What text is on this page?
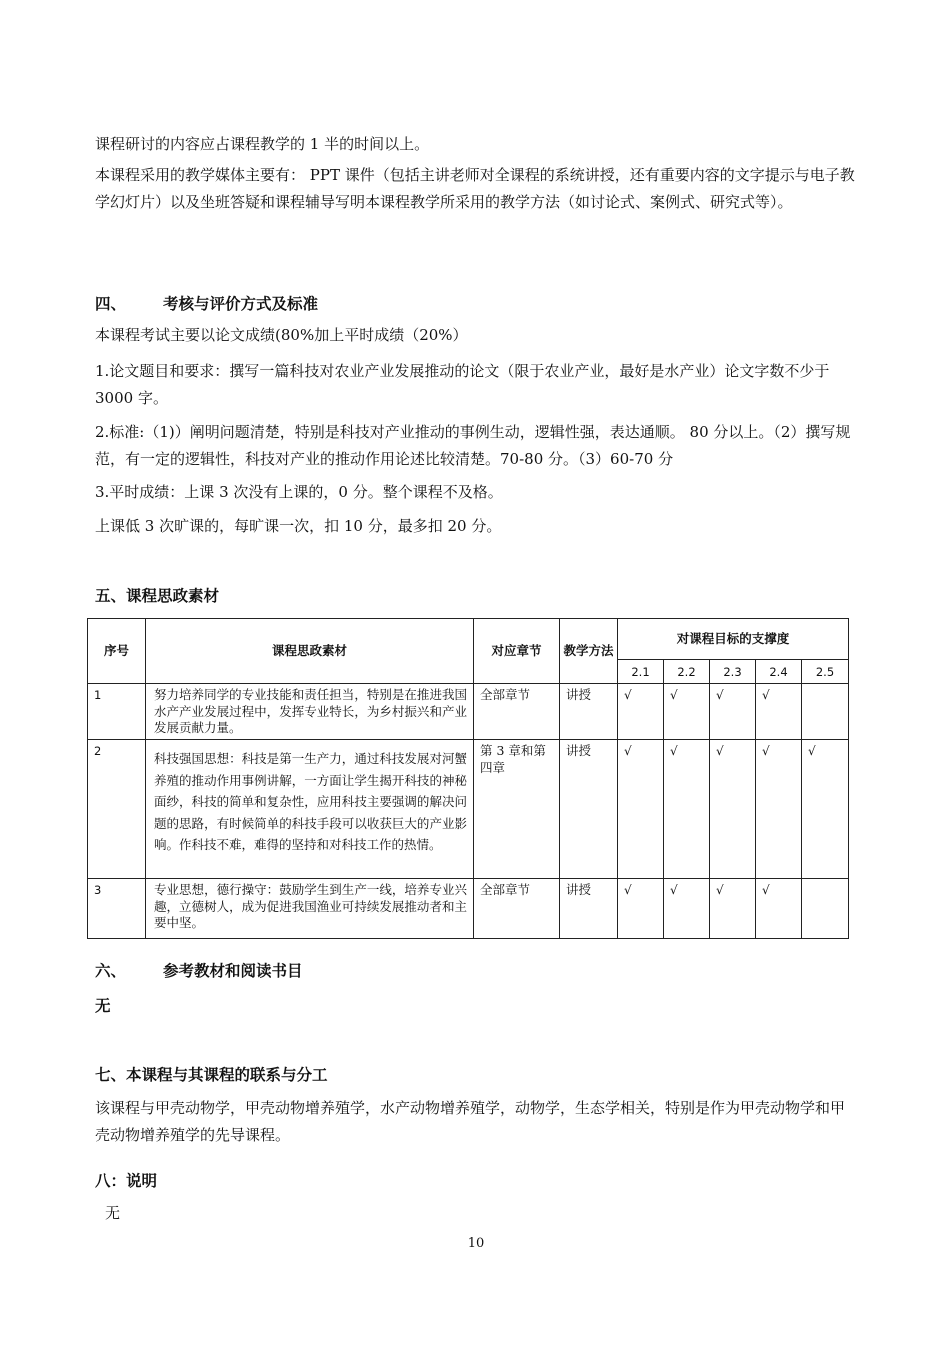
课程研讨的内容应占课程教学的 1 半的时间以上。

本课程采用的教学媒体主要有： PPT 课件（包括主讲老师对全课程的系统讲授，还有重要内容的文字提示与电子教学幻灯片）以及坐班答疑和课程辅导写明本课程教学所采用的教学方法（如讨论式、案例式、研究式等）。

四、 考核与评价方式及标准

本课程考试主要以论文成绩(80%加上平时成绩（20%）

1.论文题目和要求：撰写一篇科技对农业产业发展推动的论文（限于农业产业，最好是水产业）论文字数不少于 3000 字。

2.标准:（1)）阐明问题清楚，特别是科技对产业推动的事例生动，逻辑性强，表达通顺。 80 分以上。（2）撰写规范，有一定的逻辑性，科技对产业的推动作用论述比较清楚。70-80 分。（3）60-70 分

3.平时成绩：上课 3 次没有上课的，0 分。整个课程不及格。

上课低 3 次旷课的，每旷课一次，扣 10 分，最多扣 20 分。

五、课程思政素材
序号	课程思政素材	对应章节	教学方法	对课程目标的支撑度				
				2.1	2.2	2.3	2.4	2.5
1	努力培养同学的专业技能和责任担当，特别是在推进我国水产产业发展过程中，发挥专业特长，为乡村振兴和产业发展贡献力量。	全部章节	讲授	√	√	√	√	
2	科技强国思想：科技是第一生产力，通过科技发展对河蟹养殖的推动作用事例讲解，一方面让学生揭开科技的神秘面纱，科技的简单和复杂性，应用科技主要强调的解决问题的思路，有时候简单的科技手段可以收获巨大的产业影响。作科技不难，难得的坚持和对科技工作的热情。	第 3 章和第四章	讲授	√	√	√	√	√
3	专业思想，德行操守：鼓励学生到生产一线，培养专业兴趣，立德树人，成为促进我国渔业可持续发展推动者和主要中坚。	全部章节	讲授	√	√	√	√	
六、 参考教材和阅读书目
无
七、本课程与其课程的联系与分工

该课程与甲壳动物学，甲壳动物增养殖学，水产动物增养殖学，动物学，生态学相关，特别是作为甲壳动物学和甲壳动物增养殖学的先导课程。

八：说明

无

10
